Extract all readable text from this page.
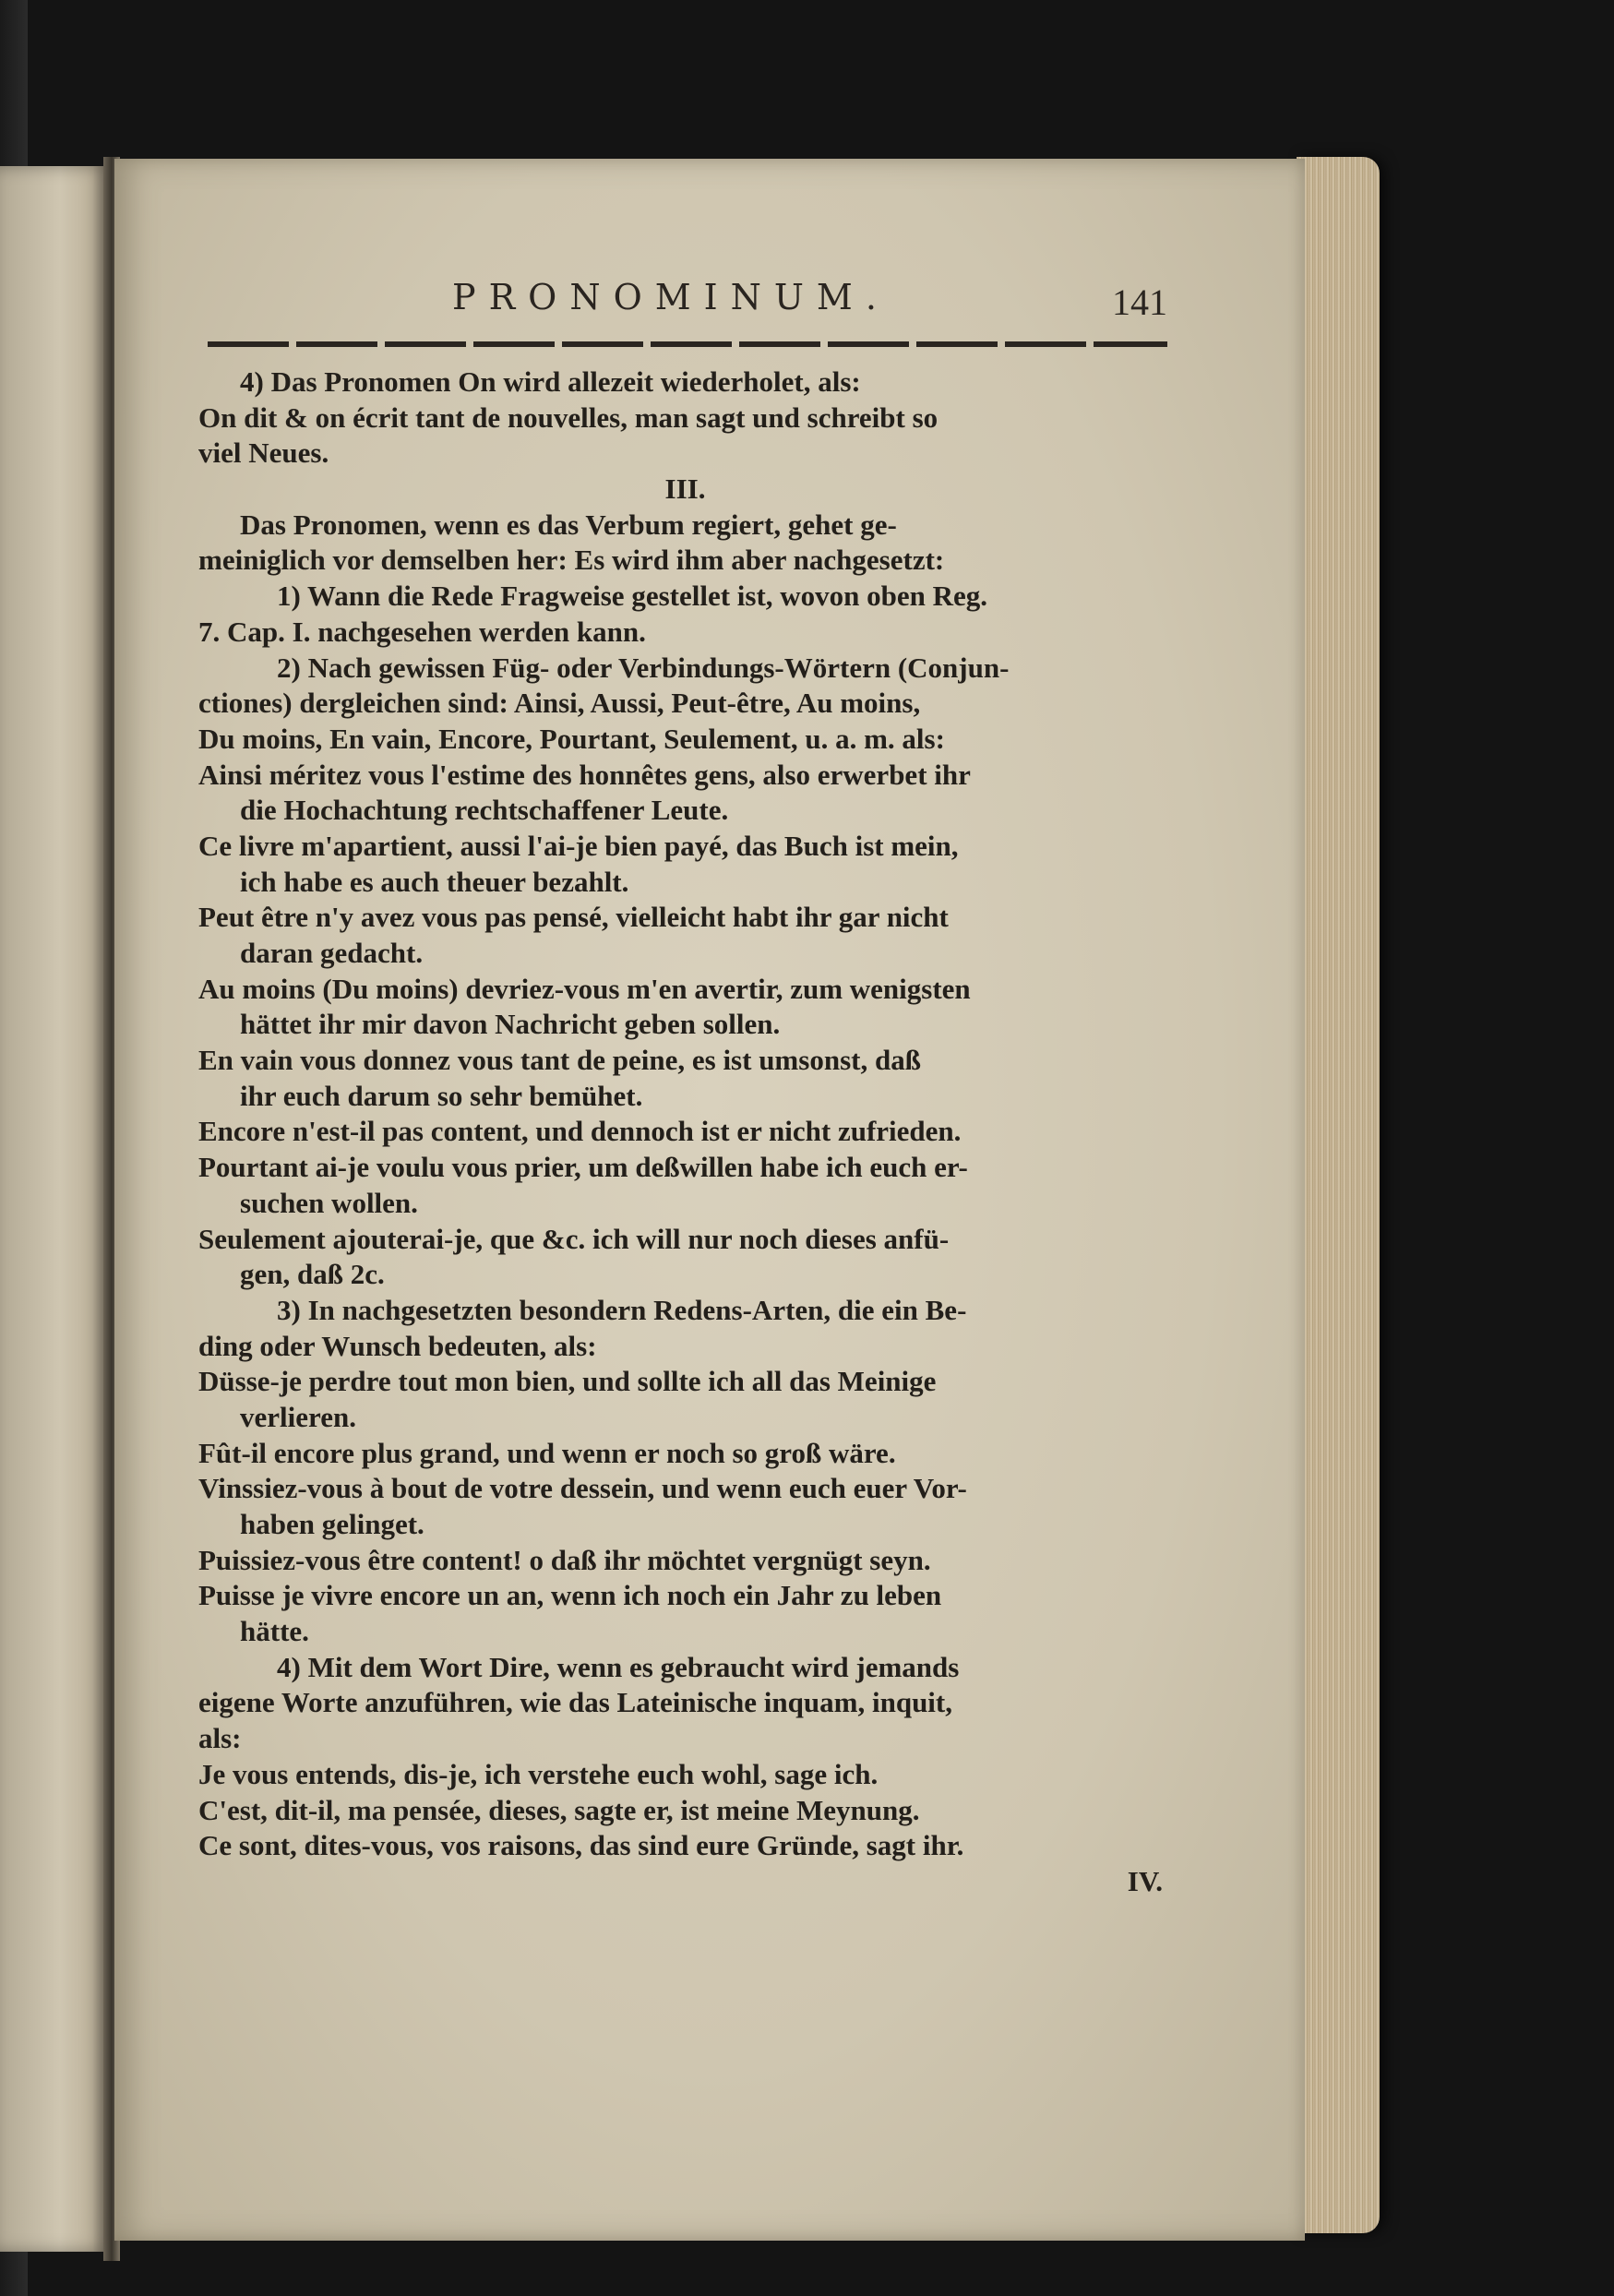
PRONOMINUM.	141
4) Das Pronomen On wird allezeit wiederholet, als:
On dit & on écrit tant de nouvelles, man sagt und schreibt so
viel Neues.
III.
Das Pronomen, wenn es das Verbum regiert, gehet ge-
meiniglich vor demselben her: Es wird ihm aber nachgesetzt:
1) Wann die Rede Fragweise gestellet ist, wovon oben Reg.
7. Cap. I. nachgesehen werden kann.
2) Nach gewissen Füg- oder Verbindungs-Wörtern (Conjun-
ctiones) dergleichen sind: Ainsi, Aussi, Peut-être, Au moins,
Du moins, En vain, Encore, Pourtant, Seulement, u. a. m. als:
Ainsi méritez vous l'estime des honnêtes gens, also erwerbet ihr
die Hochachtung rechtschaffener Leute.
Ce livre m'apartient, aussi l'ai-je bien payé, das Buch ist mein,
ich habe es auch theuer bezahlt.
Peut être n'y avez vous pas pensé, vielleicht habt ihr gar nicht
daran gedacht.
Au moins (Du moins) devriez-vous m'en avertir, zum wenigsten
hättet ihr mir davon Nachricht geben sollen.
En vain vous donnez vous tant de peine, es ist umsonst, daß
ihr euch darum so sehr bemühet.
Encore n'est-il pas content, und dennoch ist er nicht zufrieden.
Pourtant ai-je voulu vous prier, um deßwillen habe ich euch er-
suchen wollen.
Seulement ajouterai-je, que &c. ich will nur noch dieses anfü-
gen, daß 2c.
3) In nachgesetzten besondern Redens-Arten, die ein Be-
ding oder Wunsch bedeuten, als:
Düsse-je perdre tout mon bien, und sollte ich all das Meinige
verlieren.
Fût-il encore plus grand, und wenn er noch so groß wäre.
Vinssiez-vous à bout de votre dessein, und wenn euch euer Vor-
haben gelinget.
Puissiez-vous être content! o daß ihr möchtet vergnügt seyn.
Puisse je vivre encore un an, wenn ich noch ein Jahr zu leben
hätte.
4) Mit dem Wort Dire, wenn es gebraucht wird jemands
eigene Worte anzuführen, wie das Lateinische inquam, inquit,
als:
Je vous entends, dis-je, ich verstehe euch wohl, sage ich.
C'est, dit-il, ma pensée, dieses, sagte er, ist meine Meynung.
Ce sont, dites-vous, vos raisons, das sind eure Gründe, sagt ihr.
IV.
